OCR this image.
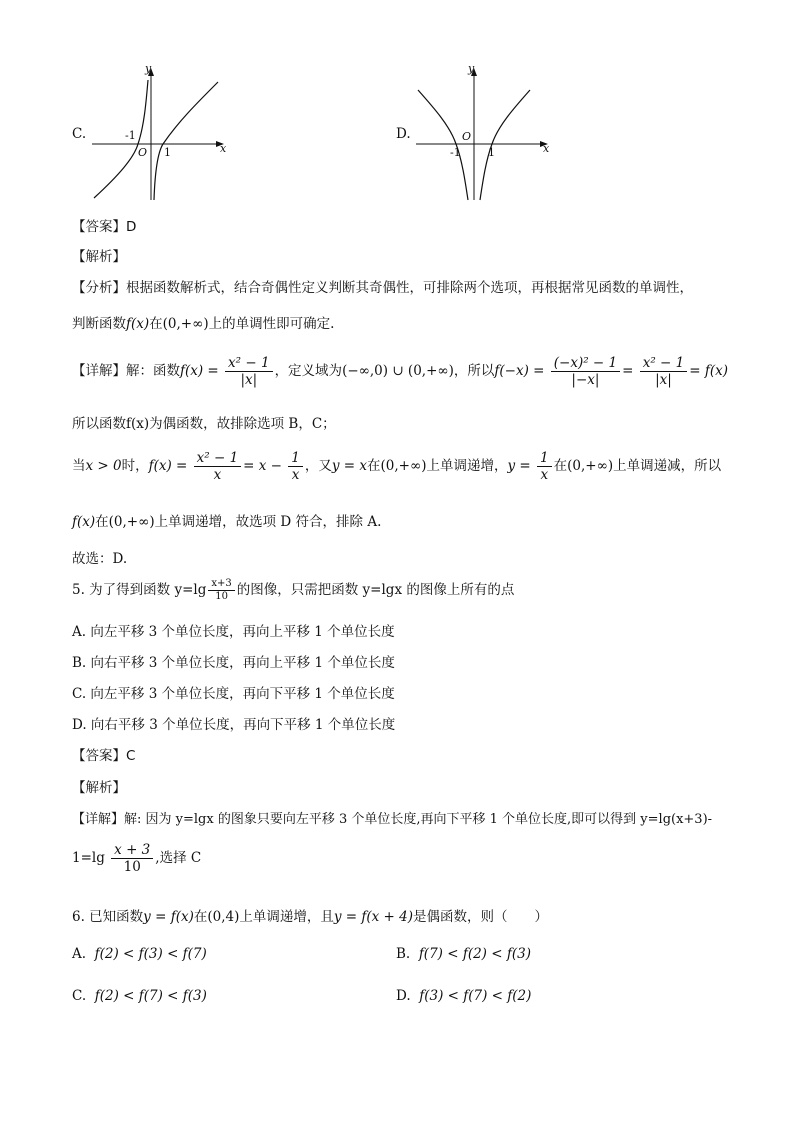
C.
y
x
-1
1
O
D.
y
x
-1 1
O
【答案】D
【解析】
【分析】根据函数解析式，结合奇偶性定义判断其奇偶性，可排除两个选项，再根据常见函数的单调性，
判断函数f(x)在(0,+∞)上的单调性即可确定.
【详解】解：函数$f(x) = \frac{\text{x² − 1}}{|x|}$ ，定义域为(−∞,0) ∪ (0,+∞)，所以$f(-x) = \frac{\text{(−x)² − 1}}{|-x|} = \frac{\text{x² − 1}}{|x|} = f(x)$
所以函数f(x)为偶函数，故排除选项 B，C；
当x > 0时，$f(x) = \frac{\text{x² − 1}}{x} = x - \frac{1}{x}$ ，又y = x在(0,+∞)上单调递增，$y = \frac{1}{x}$ 在(0,+∞)上单调递减，所以
f(x)在(0,+∞)上单调递增，故选项 D 符合，排除 A.
故选：D.
5. 为了得到函数 $y=\lg \frac{x+3}{10}$ 的图像，只需把函数 y=lgx 的图像上所有的点
A. 向左平移 3 个单位长度，再向上平移 1 个单位长度
B. 向右平移 3 个单位长度，再向上平移 1 个单位长度
C. 向左平移 3 个单位长度，再向下平移 1 个单位长度
D. 向右平移 3 个单位长度，再向下平移 1 个单位长度
【答案】C
【解析】
【详解】解: 因为 y=lgx 的图象只要向左平移 3 个单位长度,再向下平移 1 个单位长度,即可以得到 y=lg(x+3)-
$1=\lg \frac{x + 3}{10}$ ,选择 C
6. 已知函数y = f(x)在(0,4)上单调递增，且y = f(x + 4)是偶函数，则（　　）
A. f(2) < f(3) < f(7)	B. f(7) < f(2) < f(3)
C. f(2) < f(7) < f(3)	D. f(3) < f(7) < f(2)
